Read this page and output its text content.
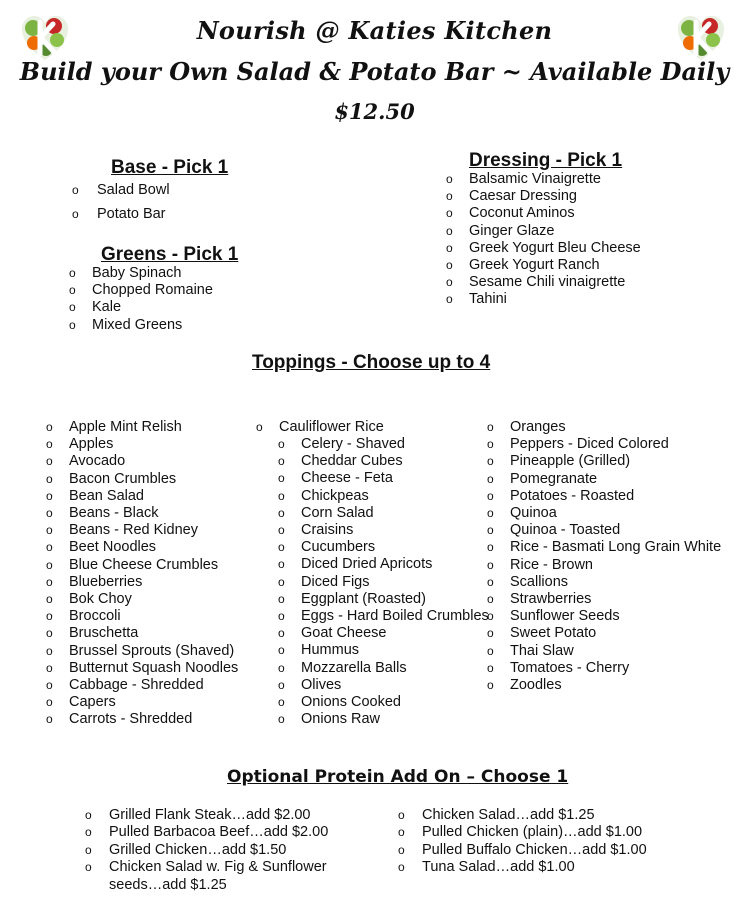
Nourish @ Katies Kitchen
Build your Own Salad & Potato Bar ~ Available Daily
$12.50
Base - Pick 1
o Salad Bowl
o Potato Bar
Greens - Pick 1
o Baby Spinach
o Chopped Romaine
o Kale
o Mixed Greens
Dressing - Pick 1
o Balsamic Vinaigrette
o Caesar Dressing
o Coconut Aminos
o Ginger Glaze
o Greek Yogurt Bleu Cheese
o Greek Yogurt Ranch
o Sesame Chili vinaigrette
o Tahini
Toppings - Choose up to 4
o Apple Mint Relish
o Apples
o Avocado
o Bacon Crumbles
o Bean Salad
o Beans - Black
o Beans - Red Kidney
o Beet Noodles
o Blue Cheese Crumbles
o Blueberries
o Bok Choy
o Broccoli
o Bruschetta
o Brussel Sprouts (Shaved)
o Butternut Squash Noodles
o Cabbage - Shredded
o Capers
o Carrots - Shredded
o Cauliflower Rice
o Celery - Shaved
o Cheddar Cubes
o Cheese - Feta
o Chickpeas
o Corn Salad
o Craisins
o Cucumbers
o Diced Dried Apricots
o Diced Figs
o Eggplant (Roasted)
o Eggs - Hard Boiled Crumbles
o Goat Cheese
o Hummus
o Mozzarella Balls
o Olives
o Onions Cooked
o Onions Raw
o Oranges
o Peppers - Diced Colored
o Pineapple (Grilled)
o Pomegranate
o Potatoes - Roasted
o Quinoa
o Quinoa - Toasted
o Rice - Basmati Long Grain White
o Rice - Brown
o Scallions
o Strawberries
o Sunflower Seeds
o Sweet Potato
o Thai Slaw
o Tomatoes - Cherry
o Zoodles
Optional Protein Add On – Choose 1
o Grilled Flank Steak…add $2.00
o Pulled Barbacoa Beef…add $2.00
o Grilled Chicken…add $1.50
o Chicken Salad w. Fig & Sunflower seeds…add $1.25
o Chicken Salad…add $1.25
o Pulled Chicken (plain)…add $1.00
o Pulled Buffalo Chicken…add $1.00
o Tuna Salad…add $1.00
